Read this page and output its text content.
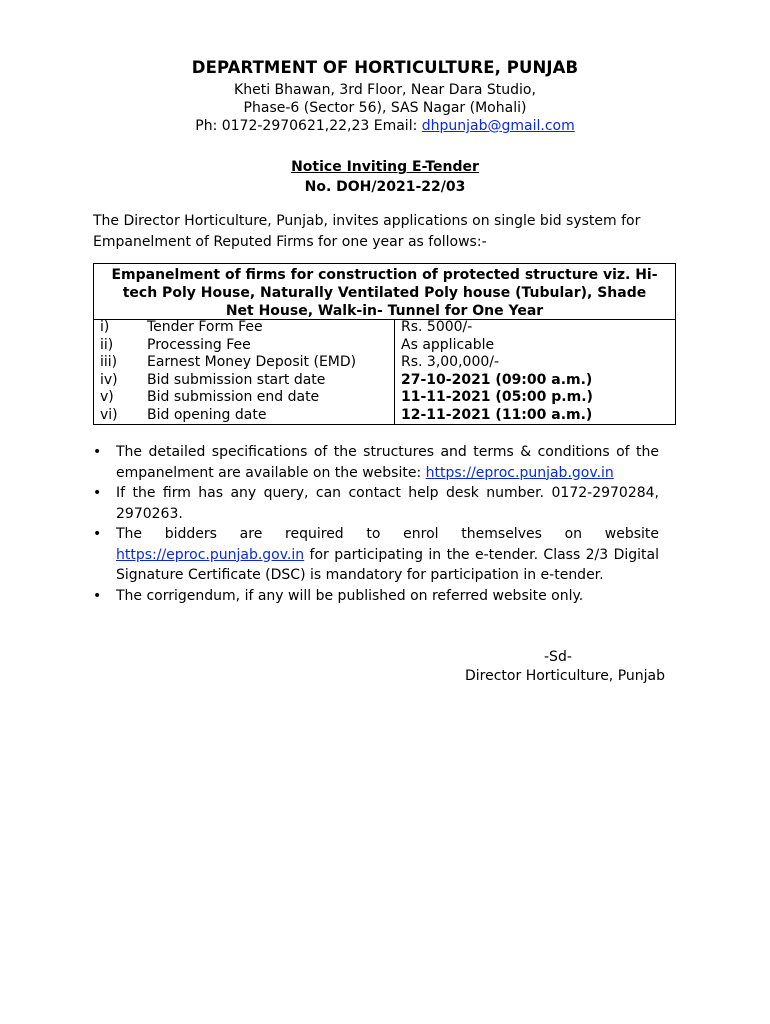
DEPARTMENT OF HORTICULTURE, PUNJAB
Kheti Bhawan, 3rd Floor, Near Dara Studio,
Phase-6 (Sector 56), SAS Nagar (Mohali)
Ph: 0172-2970621,22,23 Email: dhpunjab@gmail.com
Notice Inviting E-Tender
No. DOH/2021-22/03
The Director Horticulture, Punjab, invites applications on single bid system for Empanelment of Reputed Firms for one year as follows:-
Empanelment of firms for construction of protected structure viz. Hi-tech Poly House, Naturally Ventilated Poly house (Tubular), Shade Net House, Walk-in- Tunnel for One Year
i)	Tender Form Fee	Rs. 5000/-
ii) Processing Fee	As applicable
iii) Earnest Money Deposit (EMD)	Rs. 3,00,000/-
iv) Bid submission start date	27-10-2021 (09:00 a.m.)
v) Bid submission end date	11-11-2021 (05:00 p.m.)
vi) Bid opening date	12-11-2021 (11:00 a.m.)
• The detailed specifications of the structures and terms & conditions of the empanelment are available on the website: https://eproc.punjab.gov.in
• If the firm has any query, can contact help desk number. 0172-2970284, 2970263.
• The bidders are required to enrol themselves on website https://eproc.punjab.gov.in for participating in the e-tender. Class 2/3 Digital Signature Certificate (DSC) is mandatory for participation in e-tender.
• The corrigendum, if any will be published on referred website only.
-Sd-
Director Horticulture, Punjab
